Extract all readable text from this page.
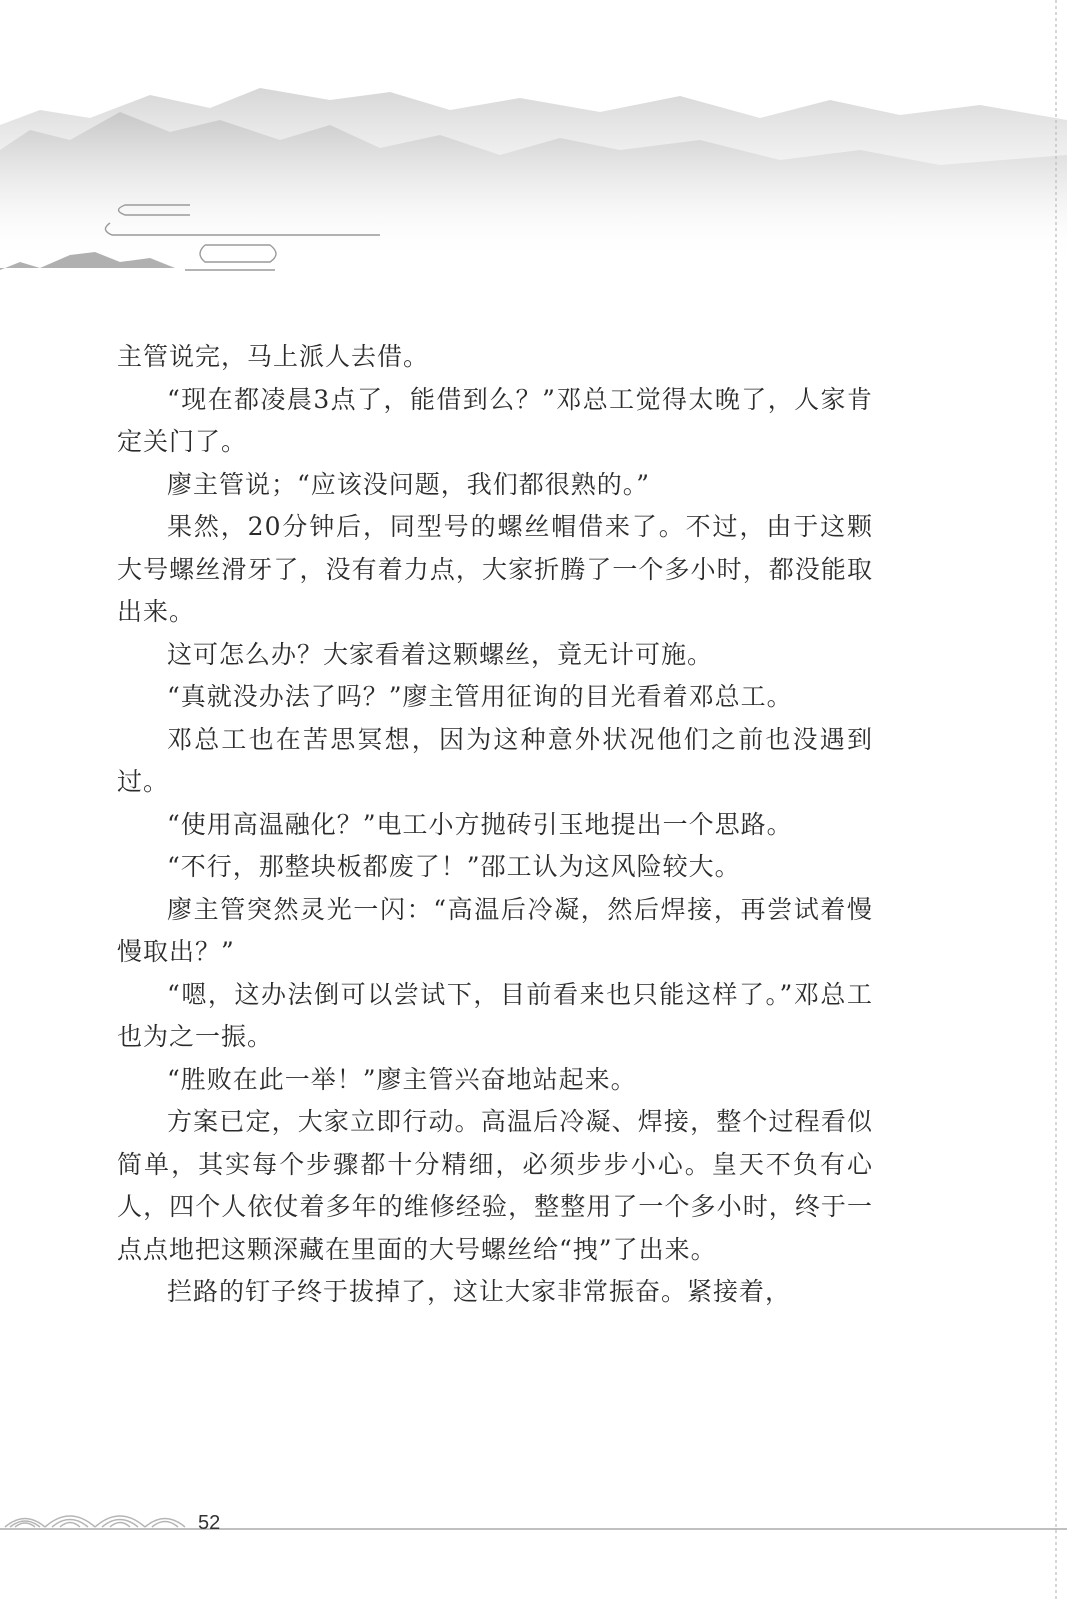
主管说完，马上派人去借。

“现在都凌晨3点了，能借到么？”邓总工觉得太晚了，人家肯定关门了。

廖主管说；“应该没问题，我们都很熟的。”

果然，20分钟后，同型号的螺丝帽借来了。不过，由于这颗大号螺丝滑牙了，没有着力点，大家折腾了一个多小时，都没能取出来。

这可怎么办？大家看着这颗螺丝，竟无计可施。

“真就没办法了吗？”廖主管用征询的目光看着邓总工。

邓总工也在苦思冥想，因为这种意外状况他们之前也没遇到过。

“使用高温融化？”电工小方抛砖引玉地提出一个思路。

“不行，那整块板都废了！”邵工认为这风险较大。

廖主管突然灵光一闪：“高温后冷凝，然后焊接，再尝试着慢慢取出？”

“嗯，这办法倒可以尝试下，目前看来也只能这样了。”邓总工也为之一振。

“胜败在此一举！”廖主管兴奋地站起来。

方案已定，大家立即行动。高温后冷凝、焊接，整个过程看似简单，其实每个步骤都十分精细，必须步步小心。皇天不负有心人，四个人依仗着多年的维修经验，整整用了一个多小时，终于一点点地把这颗深藏在里面的大号螺丝给“拽”了出来。

拦路的钉子终于拔掉了，这让大家非常振奋。紧接着，

52
